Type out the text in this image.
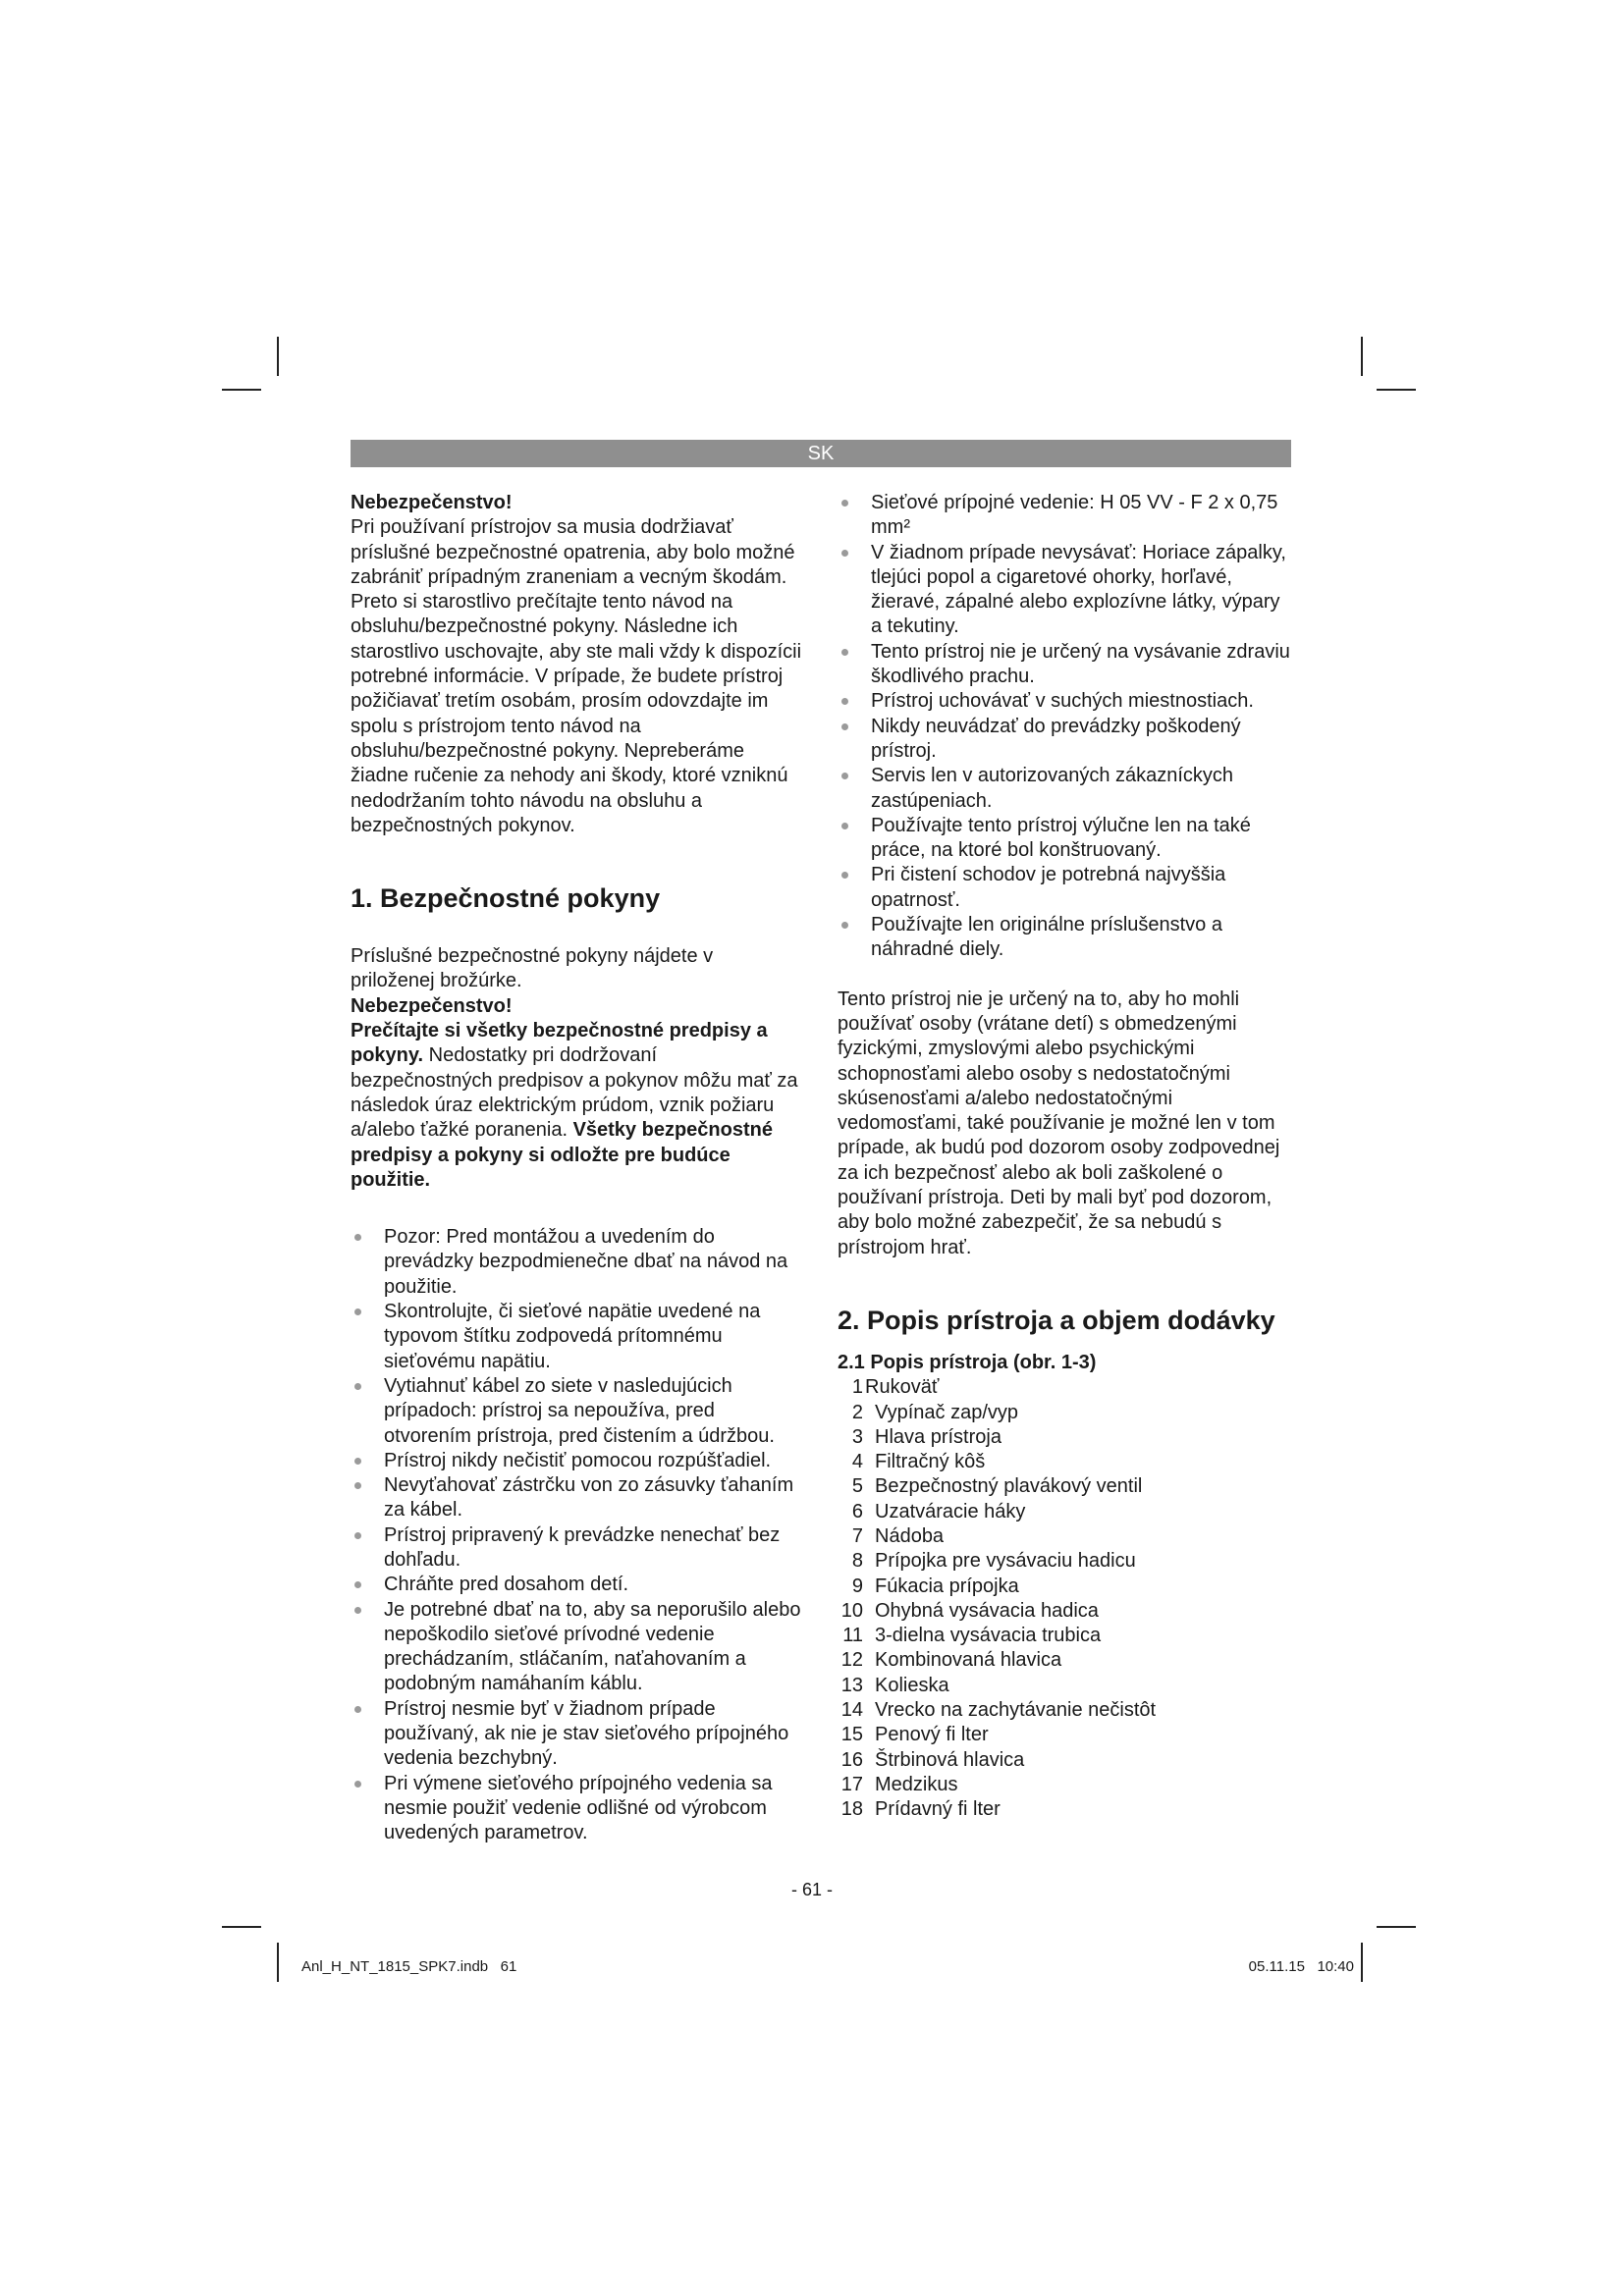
SK

Nebezpečenstvo!

Pri používaní prístrojov sa musia dodržiavať príslušné bezpečnostné opatrenia, aby bolo možné zabrániť prípadným zraneniam a vecným škodám. Preto si starostlivo prečítajte tento návod na obsluhu/bezpečnostné pokyny. Následne ich starostlivo uschovajte, aby ste mali vždy k dispozícii potrebné informácie. V prípade, že budete prístroj požičiavať tretím osobám, prosím odovzdajte im spolu s prístrojom tento návod na obsluhu/bezpečnostné pokyny. Nepreberáme žiadne ručenie za nehody ani škody, ktoré vzniknú nedodržaním tohto návodu na obsluhu a bezpečnostných pokynov.

1. Bezpečnostné pokyny

Príslušné bezpečnostné pokyny nájdete v priloženej brožúrke.

Nebezpečenstvo!

Prečítajte si všetky bezpečnostné predpisy a pokyny. Nedostatky pri dodržovaní bezpečnostných predpisov a pokynov môžu mať za následok úraz elektrickým prúdom, vznik požiaru a/alebo ťažké poranenia. Všetky bezpečnostné predpisy a pokyny si odložte pre budúce použitie.

Pozor: Pred montážou a uvedením do prevádzky bezpodmienečne dbať na návod na použitie.
Skontrolujte, či sieťové napätie uvedené na typovom štítku zodpovedá prítomnému sieťovému napätiu.
Vytiahnuť kábel zo siete v nasledujúcich prípadoch: prístroj sa nepoužíva, pred otvorením prístroja, pred čistením a údržbou.
Prístroj nikdy nečistiť pomocou rozpúšťadiel.
Nevyťahovať zástrčku von zo zásuvky ťahaním za kábel.
Prístroj pripravený k prevádzke nenechať bez dohľadu.
Chráňte pred dosahom detí.
Je potrebné dbať na to, aby sa neporušilo alebo nepoškodilo sieťové prívodné vedenie prechádzaním, stláčaním, naťahovaním a podobným namáhaním káblu.
Prístroj nesmie byť v žiadnom prípade používaný, ak nie je stav sieťového prípojného vedenia bezchybný.
Pri výmene sieťového prípojného vedenia sa nesmie použiť vedenie odlišné od výrobcom uvedených parametrov.
Sieťové prípojné vedenie: H 05 VV - F 2 x 0,75 mm²
V žiadnom prípade nevysávať: Horiace zápalky, tlejúci popol a cigaretové ohorky, horľavé, žieravé, zápalné alebo explozívne látky, výpary a tekutiny.
Tento prístroj nie je určený na vysávanie zdraviu škodlivého prachu.
Prístroj uchovávať v suchých miestnostiach.
Nikdy neuvádzať do prevádzky poškodený prístroj.
Servis len v autorizovaných zákazníckych zastúpeniach.
Používajte tento prístroj výlučne len na také práce, na ktoré bol konštruovaný.
Pri čistení schodov je potrebná najvyššia opatrnosť.
Používajte len originálne príslušenstvo a náhradné diely.

Tento prístroj nie je určený na to, aby ho mohli používať osoby (vrátane detí) s obmedzenými fyzickými, zmyslovými alebo psychickými schopnosťami alebo osoby s nedostatočnými skúsenosťami a/alebo nedostatočnými vedomosťami, také používanie je možné len v tom prípade, ak budú pod dozorom osoby zodpovednej za ich bezpečnosť alebo ak boli zaškolené o používaní prístroja. Deti by mali byť pod dozorom, aby bolo možné zabezpečiť, že sa nebudú s prístrojom hrať.

2. Popis prístroja a objem dodávky

2.1 Popis prístroja (obr. 1-3)

1 Rukoväť
2 Vypínač zap/vyp
3 Hlava prístroja
4 Filtračný kôš
5 Bezpečnostný plavákový ventil
6 Uzatváracie háky
7 Nádoba
8 Prípojka pre vysávaciu hadicu
9 Fúkacia prípojka
10 Ohybná vysávacia hadica
11 3-dielna vysávacia trubica
12 Kombinovaná hlavica
13 Kolieska
14 Vrecko na zachytávanie nečistôt
15 Penový fi lter
16 Štrbinová hlavica
17 Medzikus
18 Prídavný fi lter
- 61 -
Anl_H_NT_1815_SPK7.indb   61	05.11.15   10:40
